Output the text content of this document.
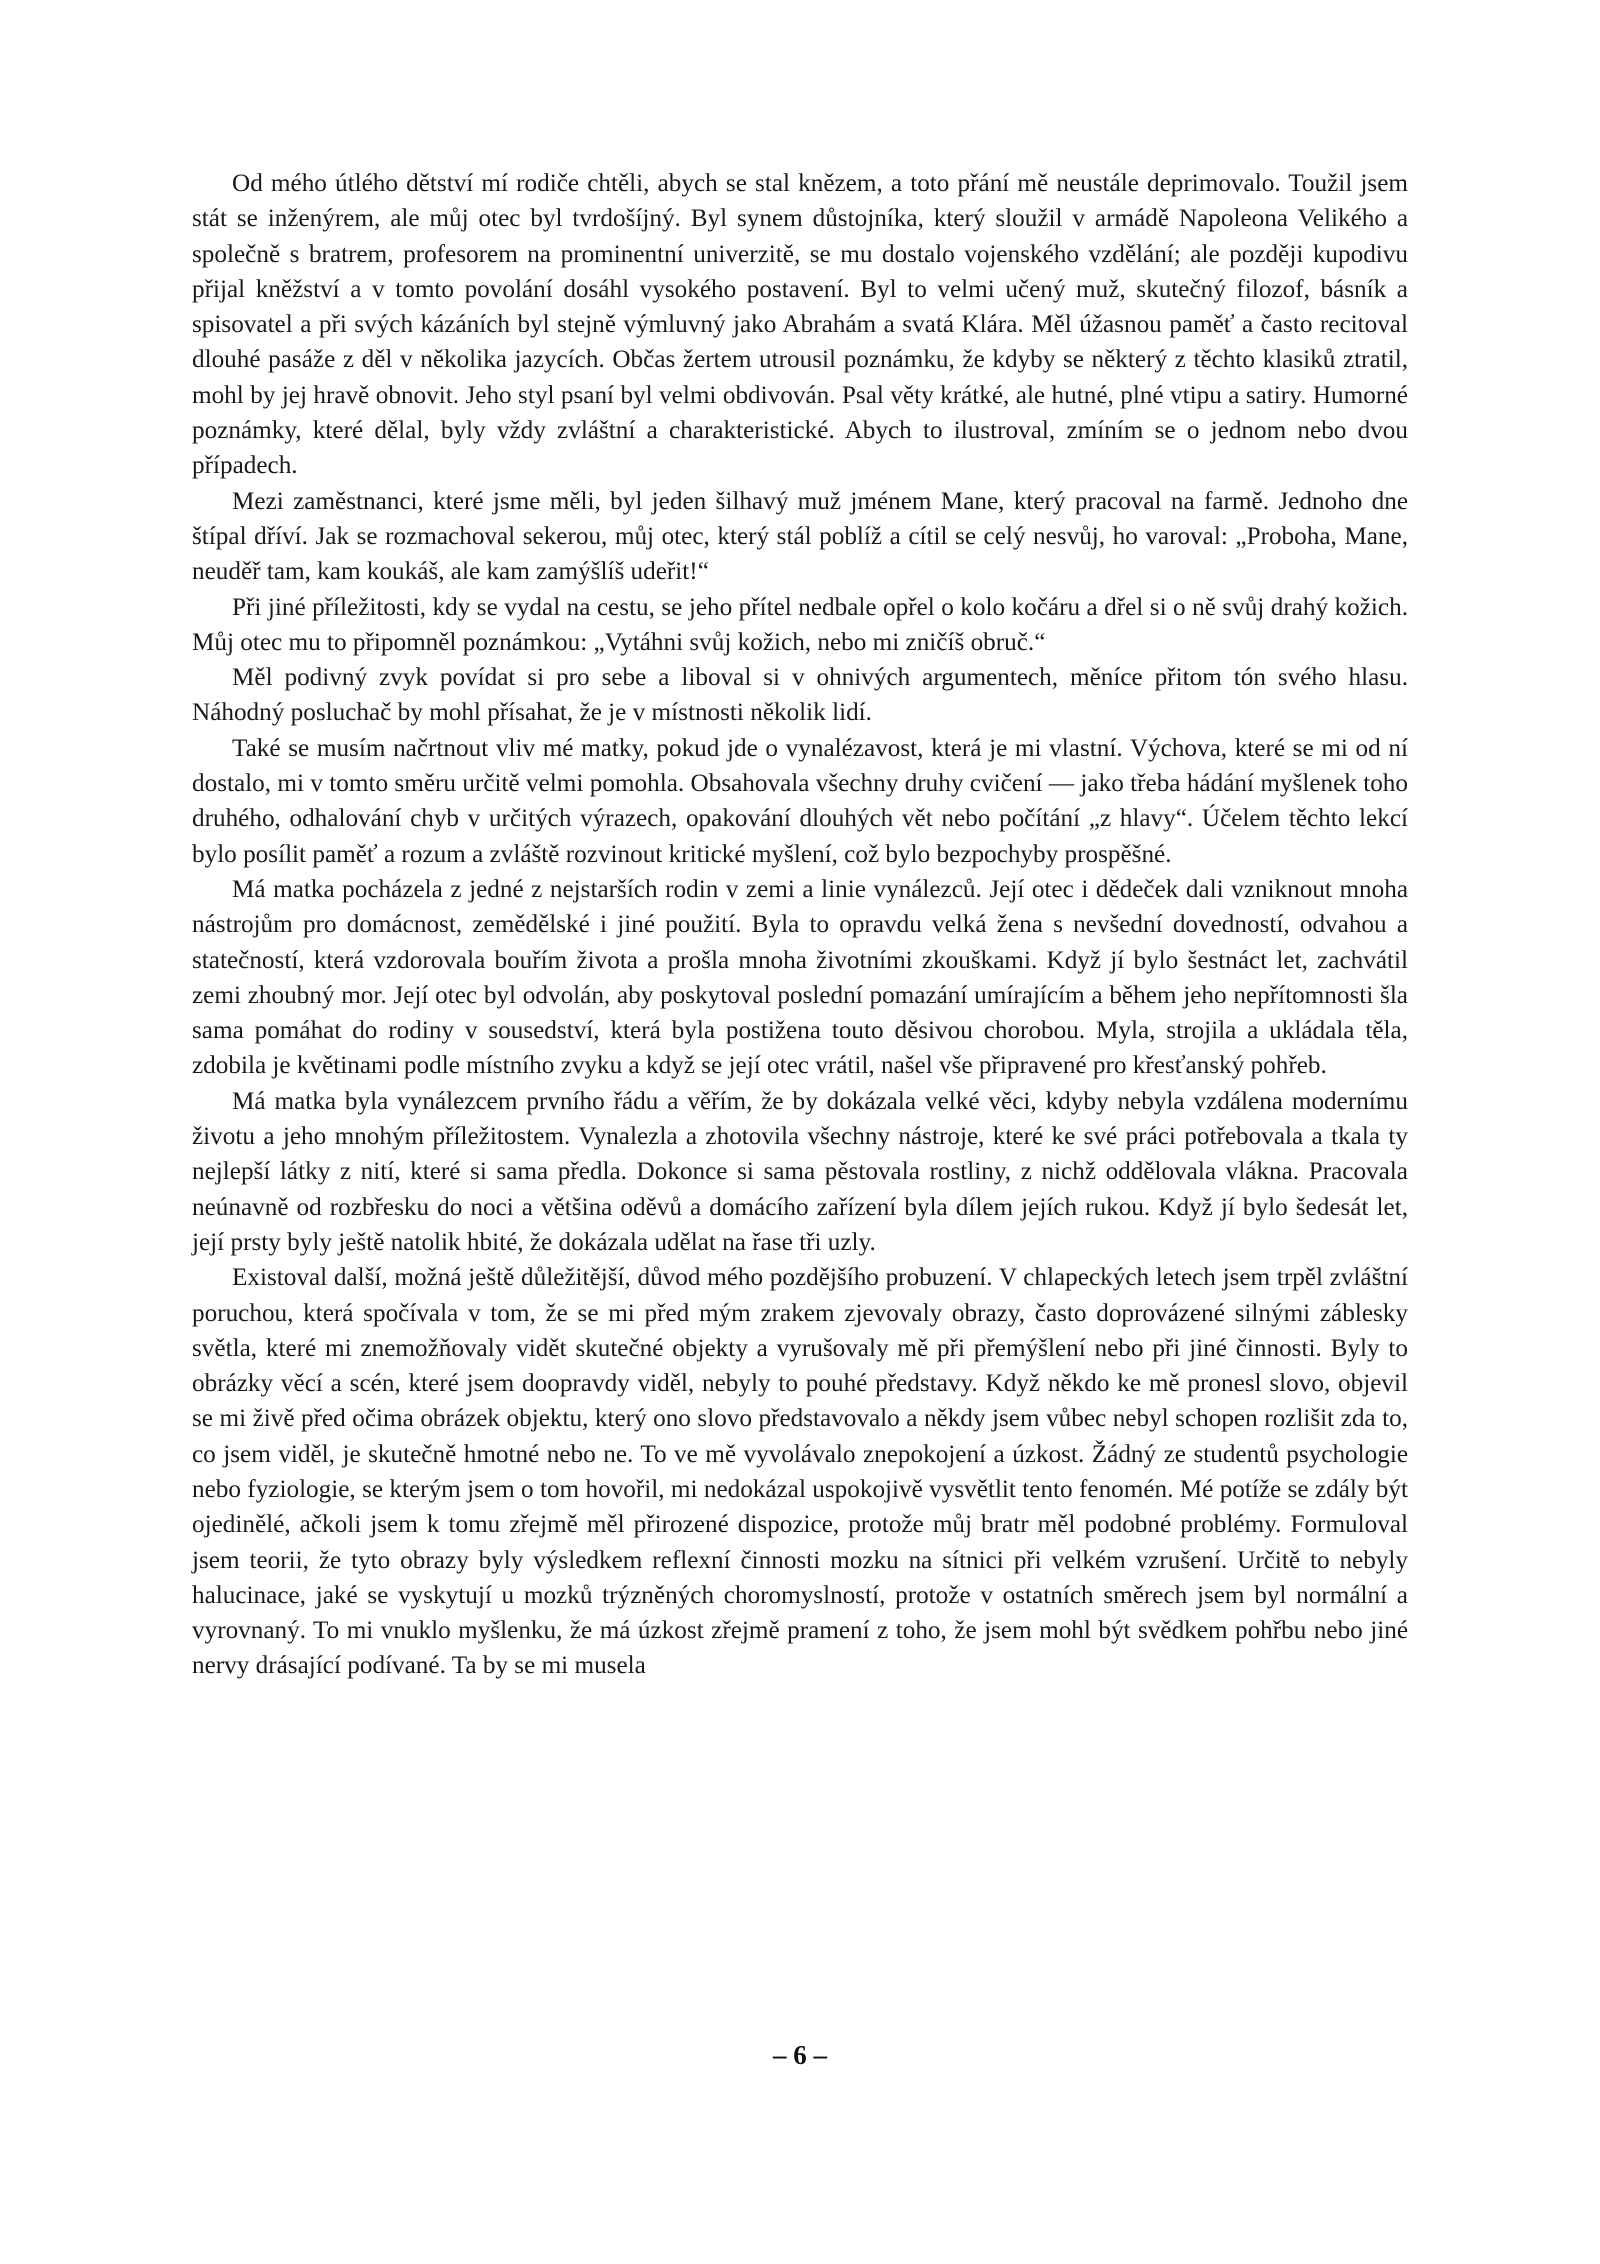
Od mého útlého dětství mí rodiče chtěli, abych se stal knězem, a toto přání mě neustále deprimovalo. Toužil jsem stát se inženýrem, ale můj otec byl tvrdošíjný. Byl synem důstojníka, který sloužil v armádě Napoleona Velikého a společně s bratrem, profesorem na prominentní univerzitě, se mu dostalo vojenského vzdělání; ale později kupodivu přijal kněžství a v tomto povolání dosáhl vysokého postavení. Byl to velmi učený muž, skutečný filozof, básník a spisovatel a při svých kázáních byl stejně výmluvný jako Abrahám a svatá Klára. Měl úžasnou paměť a často recitoval dlouhé pasáže z děl v několika jazycích. Občas žertem utrousil poznámku, že kdyby se některý z těchto klasiků ztratil, mohl by jej hravě obnovit. Jeho styl psaní byl velmi obdivován. Psal věty krátké, ale hutné, plné vtipu a satiry. Humorné poznámky, které dělal, byly vždy zvláštní a charakteristické. Abych to ilustroval, zmíním se o jednom nebo dvou případech.

Mezi zaměstnanci, které jsme měli, byl jeden šilhavý muž jménem Mane, který pracoval na farmě. Jednoho dne štípal dříví. Jak se rozmachoval sekerou, můj otec, který stál poblíž a cítil se celý nesvůj, ho varoval: „Proboha, Mane, neuděř tam, kam koukáš, ale kam zamýšlíš udeřit!“

Při jiné příležitosti, kdy se vydal na cestu, se jeho přítel nedbale opřel o kolo kočáru a dřel si o ně svůj drahý kožich. Můj otec mu to připomněl poznámkou: „Vytáhni svůj kožich, nebo mi zničíš obruč.“

Měl podivný zvyk povídat si pro sebe a liboval si v ohnivých argumentech, měníce přitom tón svého hlasu. Náhodný posluchač by mohl přísahat, že je v místnosti několik lidí.

Také se musím načrtnout vliv mé matky, pokud jde o vynalézavost, která je mi vlastní. Výchova, které se mi od ní dostalo, mi v tomto směru určitě velmi pomohla. Obsahovala všechny druhy cvičení — jako třeba hádání myšlenek toho druhého, odhalování chyb v určitých výrazech, opakování dlouhých vět nebo počítání „z hlavy“. Účelem těchto lekcí bylo posílit paměť a rozum a zvláště rozvinout kritické myšlení, což bylo bezpochyby prospěšné.

Má matka pocházela z jedné z nejstarších rodin v zemi a linie vynálezců. Její otec i dědeček dali vzniknout mnoha nástrojům pro domácnost, zemědělské i jiné použití. Byla to opravdu velká žena s nevšední dovedností, odvahou a statečností, která vzdorovala bouřím života a prošla mnoha životními zkouškami. Když jí bylo šestnáct let, zachvátil zemi zhoubný mor. Její otec byl odvolán, aby poskytoval poslední pomazání umírajícím a během jeho nepřítomnosti šla sama pomáhat do rodiny v sousedství, která byla postižena touto děsivou chorobou. Myla, strojila a ukládala těla, zdobila je květinami podle místního zvyku a když se její otec vrátil, našel vše připravené pro křesťanský pohřeb.

Má matka byla vynálezcem prvního řádu a věřím, že by dokázala velké věci, kdyby nebyla vzdálena modernímu životu a jeho mnohým příležitostem. Vynalezla a zhotovila všechny nástroje, které ke své práci potřebovala a tkala ty nejlepší látky z nití, které si sama předla. Dokonce si sama pěstovala rostliny, z nichž oddělovala vlákna. Pracovala neúnavně od rozbřesku do noci a většina oděvů a domácího zařízení byla dílem jejích rukou. Když jí bylo šedesát let, její prsty byly ještě natolik hbité, že dokázala udělat na řase tři uzly.

Existoval další, možná ještě důležitější, důvod mého pozdějšího probuzení. V chlapeckých letech jsem trpěl zvláštní poruchou, která spočívala v tom, že se mi před mým zrakem zjevovaly obrazy, často doprovázené silnými záblesky světla, které mi znemožňovaly vidět skutečné objekty a vyrušovaly mě při přemýšlení nebo při jiné činnosti. Byly to obrázky věcí a scén, které jsem doopravdy viděl, nebyly to pouhé představy. Když někdo ke mě pronesl slovo, objevil se mi živě před očima obrázek objektu, který ono slovo představovalo a někdy jsem vůbec nebyl schopen rozlišit zda to, co jsem viděl, je skutečně hmotné nebo ne. To ve mě vyvolávalo znepokojení a úzkost. Žádný ze studentů psychologie nebo fyziologie, se kterým jsem o tom hovořil, mi nedokázal uspokojivě vysvětlit tento fenomén. Mé potíže se zdály být ojedinělé, ačkoli jsem k tomu zřejmě měl přirozené dispozice, protože můj bratr měl podobné problémy. Formuloval jsem teorii, že tyto obrazy byly výsledkem reflexní činnosti mozku na sítnici při velkém vzrušení. Určitě to nebyly halucinace, jaké se vyskytují u mozků trýzněných choromyslností, protože v ostatních směrech jsem byl normální a vyrovnaný. To mi vnuklo myšlenku, že má úzkost zřejmě pramení z toho, že jsem mohl být svědkem pohřbu nebo jiné nervy drásající podívané. Ta by se mi musela

– 6 –
